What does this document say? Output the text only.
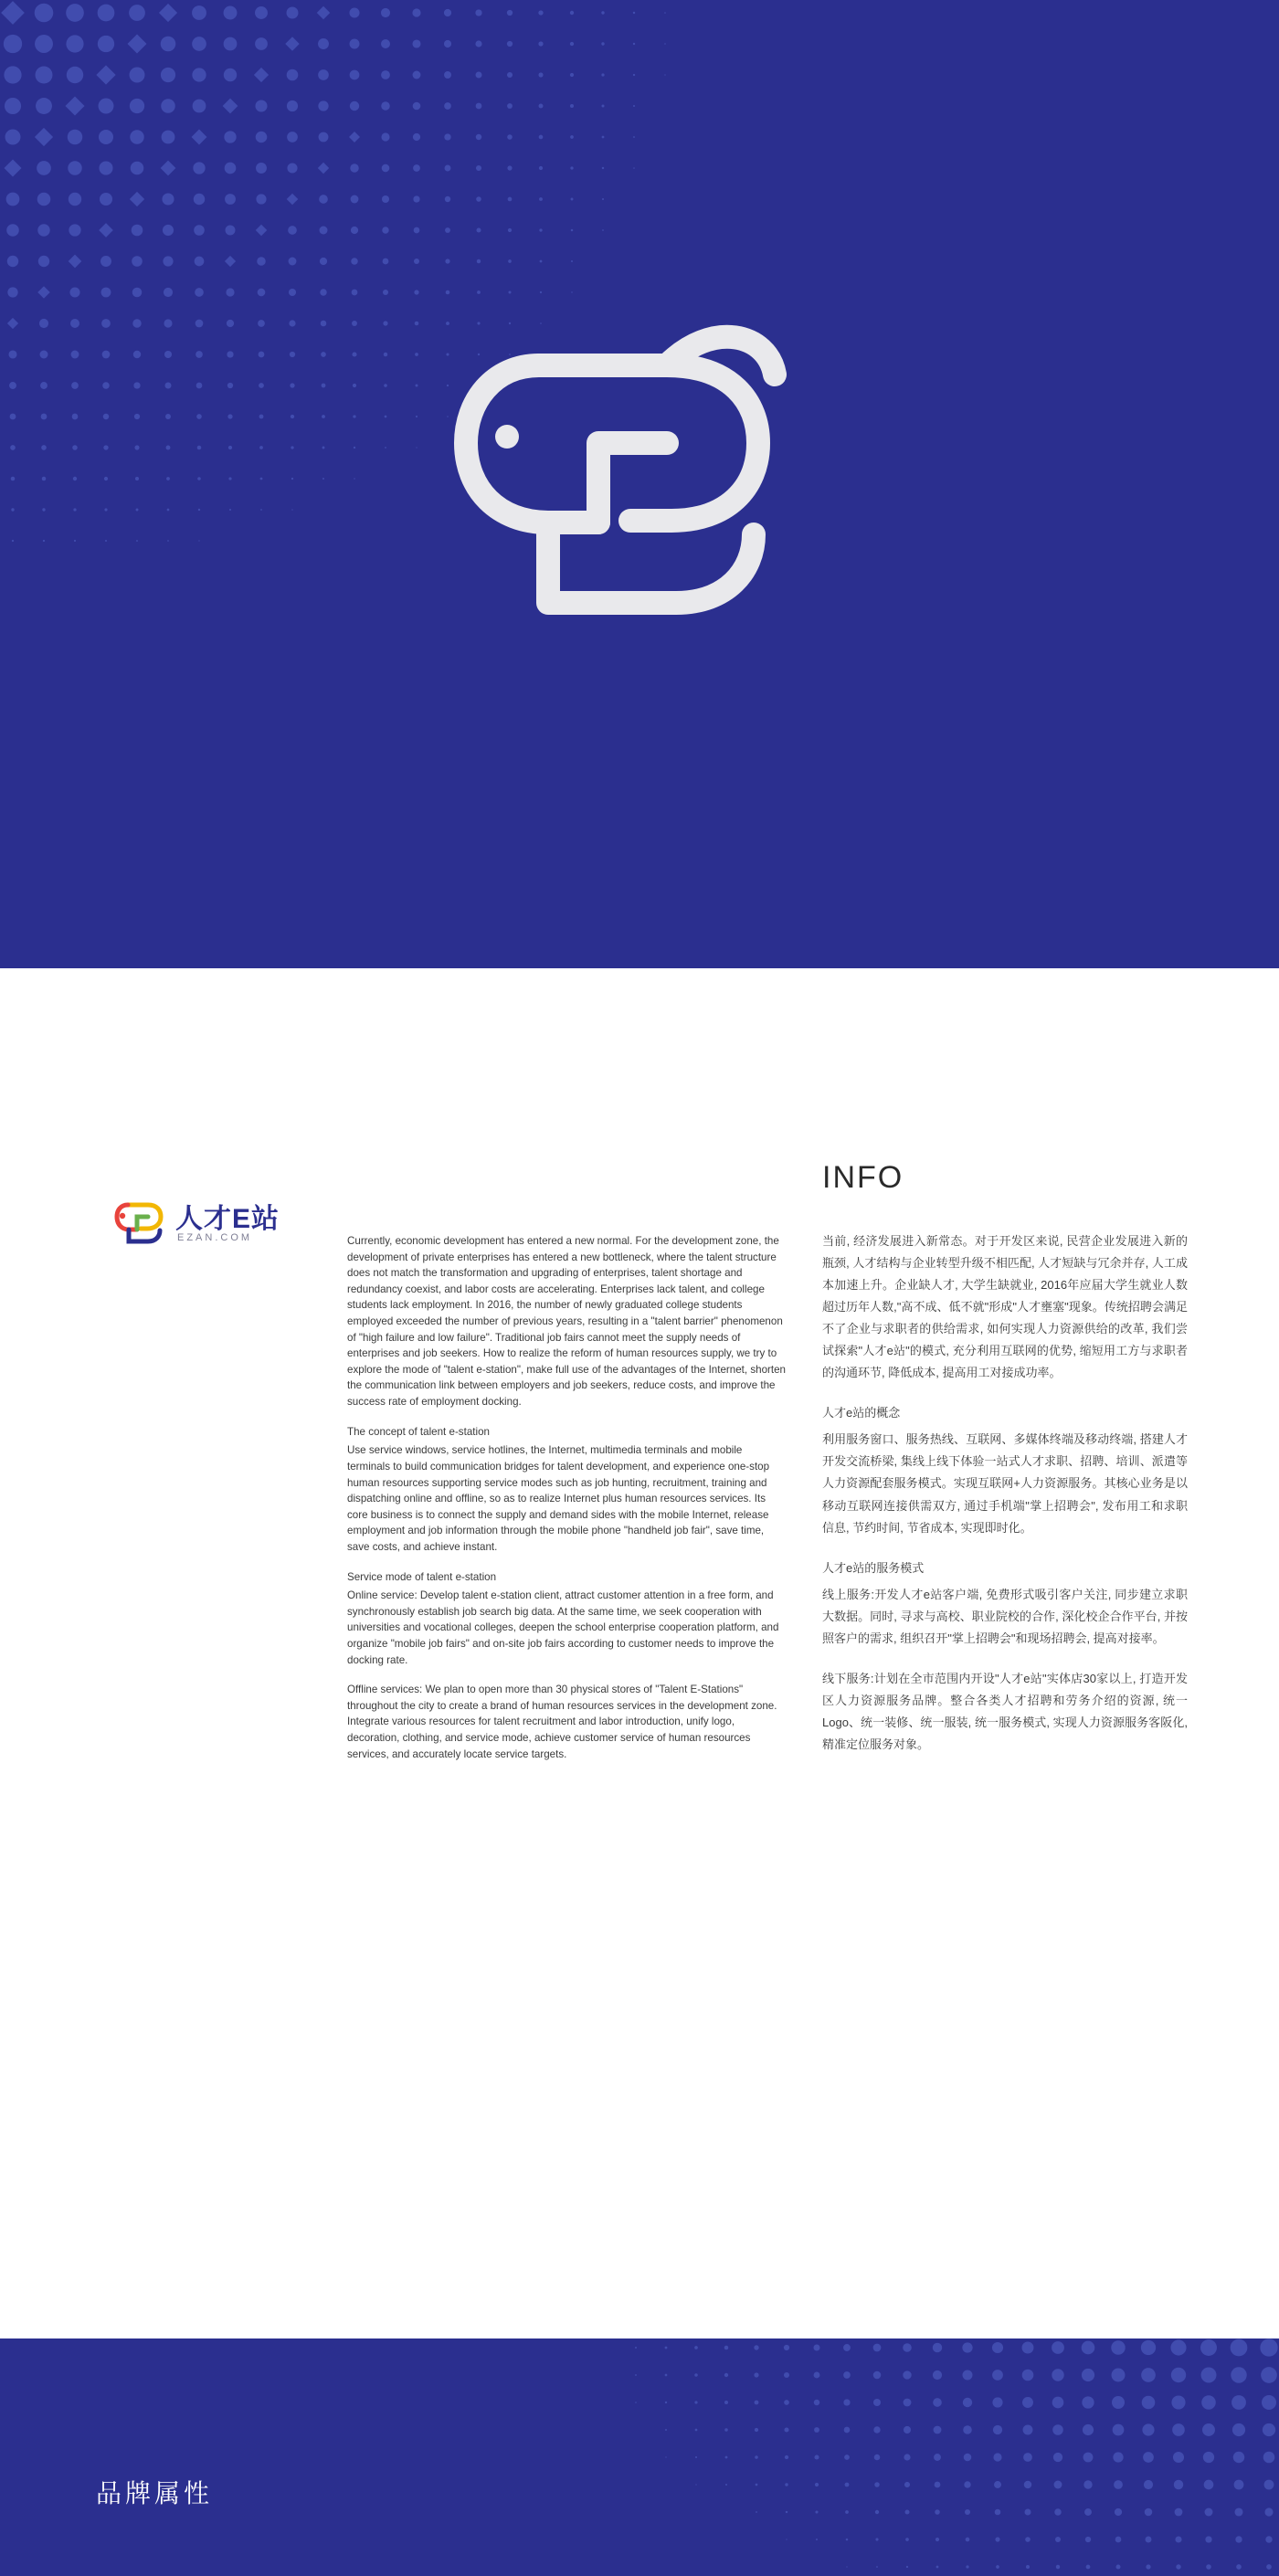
人才E站
EZAN.COM	Currently, economic development has entered a new normal. For the development zone, the development of private enterprises has entered a new bottleneck, where the talent structure does not match the transformation and upgrading of enterprises, talent shortage and redundancy coexist, and labor costs are accelerating. Enterprises lack talent, and college students lack employment. In 2016, the number of newly graduated college students employed exceeded the number of previous years, resulting in a "talent barrier" phenomenon of "high failure and low failure". Traditional job fairs cannot meet the supply needs of enterprises and job seekers. How to realize the reform of human resources supply, we try to explore the mode of "talent e-station", make full use of the advantages of the Internet, shorten the communication link between employers and job seekers, reduce costs, and improve the success rate of employment docking.

The concept of talent e-station

Use service windows, service hotlines, the Internet, multimedia terminals and mobile terminals to build communication bridges for talent development, and experience one-stop human resources supporting service modes such as job hunting, recruitment, training and dispatching online and offline, so as to realize Internet plus human resources services. Its core business is to connect the supply and demand sides with the mobile Internet, release employment and job information through the mobile phone "handheld job fair", save time, save costs, and achieve instant.

Service mode of talent e-station

Online service: Develop talent e-station client, attract customer attention in a free form, and synchronously establish job search big data. At the same time, we seek cooperation with universities and vocational colleges, deepen the school enterprise cooperation platform, and organize "mobile job fairs" and on-site job fairs according to customer needs to improve the docking rate.

Offline services: We plan to open more than 30 physical stores of "Talent E-Stations" throughout the city to create a brand of human resources services in the development zone. Integrate various resources for talent recruitment and labor introduction, unify logo, decoration, clothing, and service mode, achieve customer service of human resources services, and accurately locate service targets.

INFO

当前, 经济发展进入新常态。对于开发区来说, 民营企业发展进入新的瓶颈, 人才结构与企业转型升级不相匹配, 人才短缺与冗余并存, 人工成本加速上升。企业缺人才, 大学生缺就业, 2016年应届大学生就业人数超过历年人数,"高不成、低不就"形成"人才壅塞"现象。传统招聘会满足不了企业与求职者的供给需求, 如何实现人力资源供给的改革, 我们尝试探索"人才e站"的模式, 充分利用互联网的优势, 缩短用工方与求职者的沟通环节, 降低成本, 提高用工对接成功率。

人才e站的概念

利用服务窗口、服务热线、互联网、多媒体终端及移动终端, 搭建人才开发交流桥梁, 集线上线下体验一站式人才求职、招聘、培训、派遣等人力资源配套服务模式。实现互联网+人力资源服务。其核心业务是以移动互联网连接供需双方, 通过手机端"掌上招聘会", 发布用工和求职信息, 节约时间, 节省成本, 实现即时化。

人才e站的服务模式

线上服务:开发人才e站客户端, 免费形式吸引客户关注, 同步建立求职大数据。同时, 寻求与高校、职业院校的合作, 深化校企合作平台, 并按照客户的需求, 组织召开"掌上招聘会"和现场招聘会, 提高对接率。

线下服务:计划在全市范围内开设"人才e站"实体店30家以上, 打造开发区人力资源服务品牌。整合各类人才招聘和劳务介绍的资源, 统一Logo、统一装修、统一服装, 统一服务模式, 实现人力资源服务客阪化, 精准定位服务对象。

品牌属性
